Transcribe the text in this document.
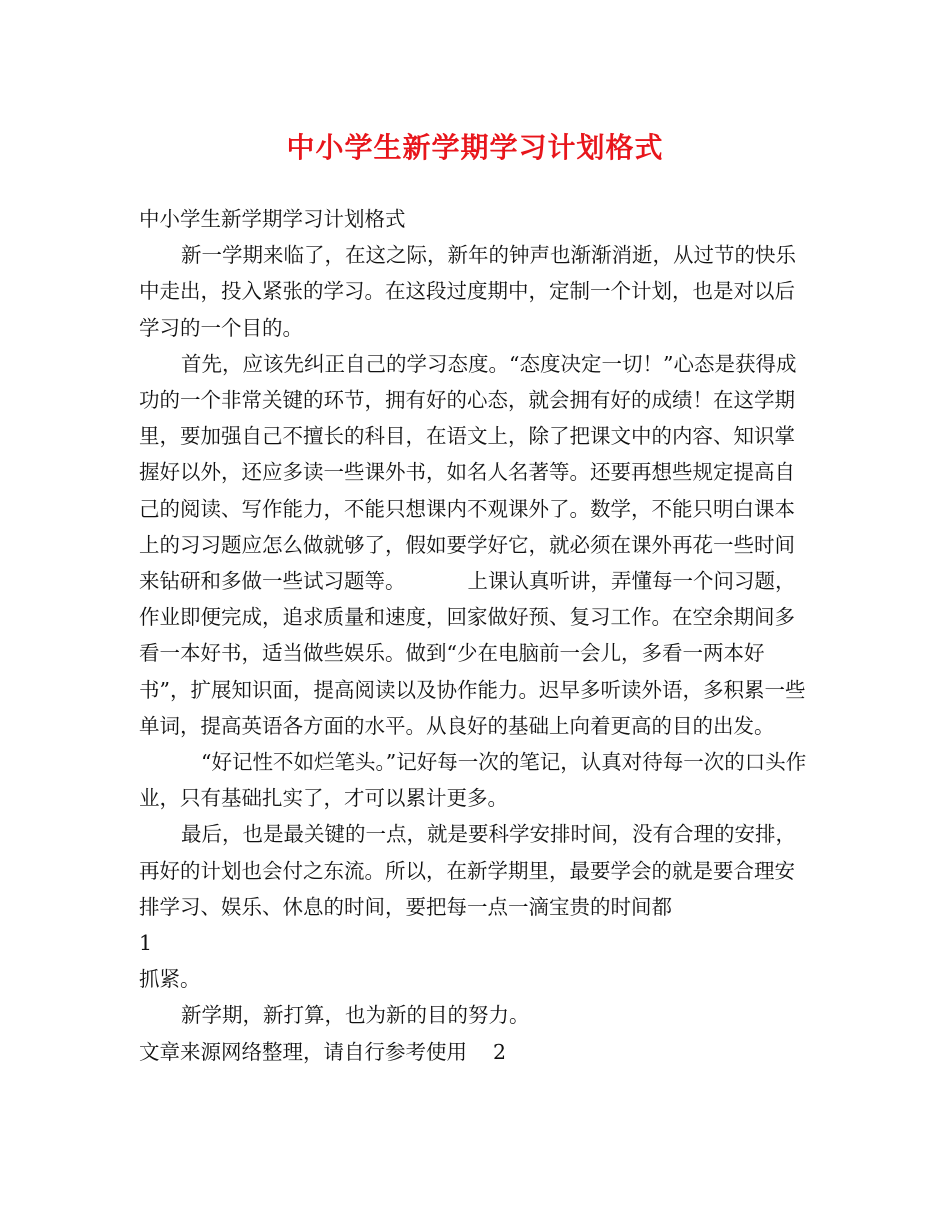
中小学生新学期学习计划格式

中小学生新学期学习计划格式

新一学期来临了，在这之际，新年的钟声也渐渐消逝，从过节的快乐中走出，投入紧张的学习。在这段过度期中，定制一个计划，也是对以后学习的一个目的。

首先，应该先纠正自己的学习态度。“态度决定一切！”心态是获得成功的一个非常关键的环节，拥有好的心态，就会拥有好的成绩！在这学期里，要加强自己不擅长的科目，在语文上，除了把课文中的内容、知识掌握好以外，还应多读一些课外书，如名人名著等。还要再想些规定提高自己的阅读、写作能力，不能只想课内不观课外了。数学，不能只明白课本上的习习题应怎么做就够了，假如要学好它，就必须在课外再花一些时间来钻研和多做一些试习题等。	上课认真听讲，弄懂每一个问习题，作业即便完成，追求质量和速度，回家做好预、复习工作。在空余期间多看一本好书，适当做些娱乐。做到“少在电脑前一会儿，多看一两本好书”，扩展知识面，提高阅读以及协作能力。迟早多听读外语，多积累一些单词，提高英语各方面的水平。从良好的基础上向着更高的目的出发。“好记性不如烂笔头。”记好每一次的笔记，认真对待每一次的口头作业，只有基础扎实了，才可以累计更多。

最后，也是最关键的一点，就是要科学安排时间，没有合理的安排，再好的计划也会付之东流。所以，在新学期里，最要学会的就是要合理安排学习、娱乐、休息的时间，要把每一点一滴宝贵的时间都

1

抓紧。

新学期，新打算，也为新的目的努力。

文章来源网络整理，请自行参考使用 2
